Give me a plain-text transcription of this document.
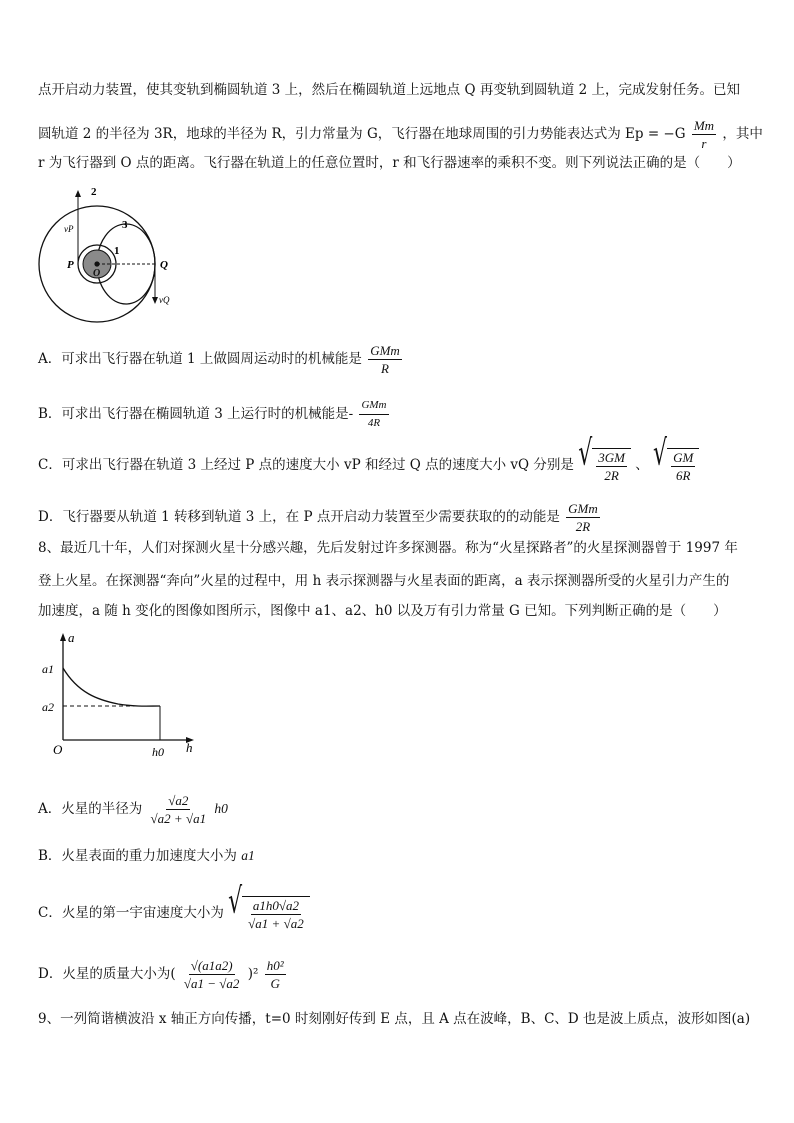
点开启动力装置，使其变轨到椭圆轨道 3 上，然后在椭圆轨道上远地点 Q 再变轨到圆轨道 2 上，完成发射任务。已知
圆轨道 2 的半径为 3R，地球的半径为 R，引力常量为 G，飞行器在地球周围的引力势能表达式为 $Ep = -G \frac{Mm}{r}$ ，其中
r 为飞行器到 O 点的距离。飞行器在轨道上的任意位置时，r 和飞行器速率的乘积不变。则下列说法正确的是（　　）
2
3
1
P	Q
O
vP
vQ
A．可求出飞行器在轨道 1 上做圆周运动时的机械能是 $\frac{\text{GMm}}{R}$
B．可求出飞行器在椭圆轨道 3 上运行时的机械能是- $\frac{\text{GMm}}{4R}$
C．可求出飞行器在轨道 3 上经过 P 点的速度大小 vP 和经过 Q 点的速度大小 vQ 分别是 √ $\frac{3GM}{2R}$ 、 √ $\frac{GM}{6R}$
D．飞行器要从轨道 1 转移到轨道 3 上，在 P 点开启动力装置至少需要获取的的动能是 $\frac{\text{GMm}}{2R}$
8、最近几十年，人们对探测火星十分感兴趣，先后发射过许多探测器。称为“火星探路者”的火星探测器曾于 1997 年
登上火星。在探测器“奔向”火星的过程中，用 h 表示探测器与火星表面的距离，a 表示探测器所受的火星引力产生的
加速度，a 随 h 变化的图像如图所示，图像中 a1、a2、h0 以及万有引力常量 G 已知。下列判断正确的是（　　）
a
h
O
a1
a2
h0
A．火星的半径为 $\frac{√a2}{√a2 + √a1} h0$
B．火星表面的重力加速度大小为 a1
C．火星的第一宇宙速度大小为 √ $\frac{a1h0√a2}{√a1 + √a2}$
D．火星的质量大小为( $\frac{√(a1a2)}{√a1 - √a2} )^2 \frac{\text{h0²}}{G}$
9、一列简谐横波沿 x 轴正方向传播，t=0 时刻刚好传到 E 点，且 A 点在波峰，B、C、D 也是波上质点，波形如图(a)
